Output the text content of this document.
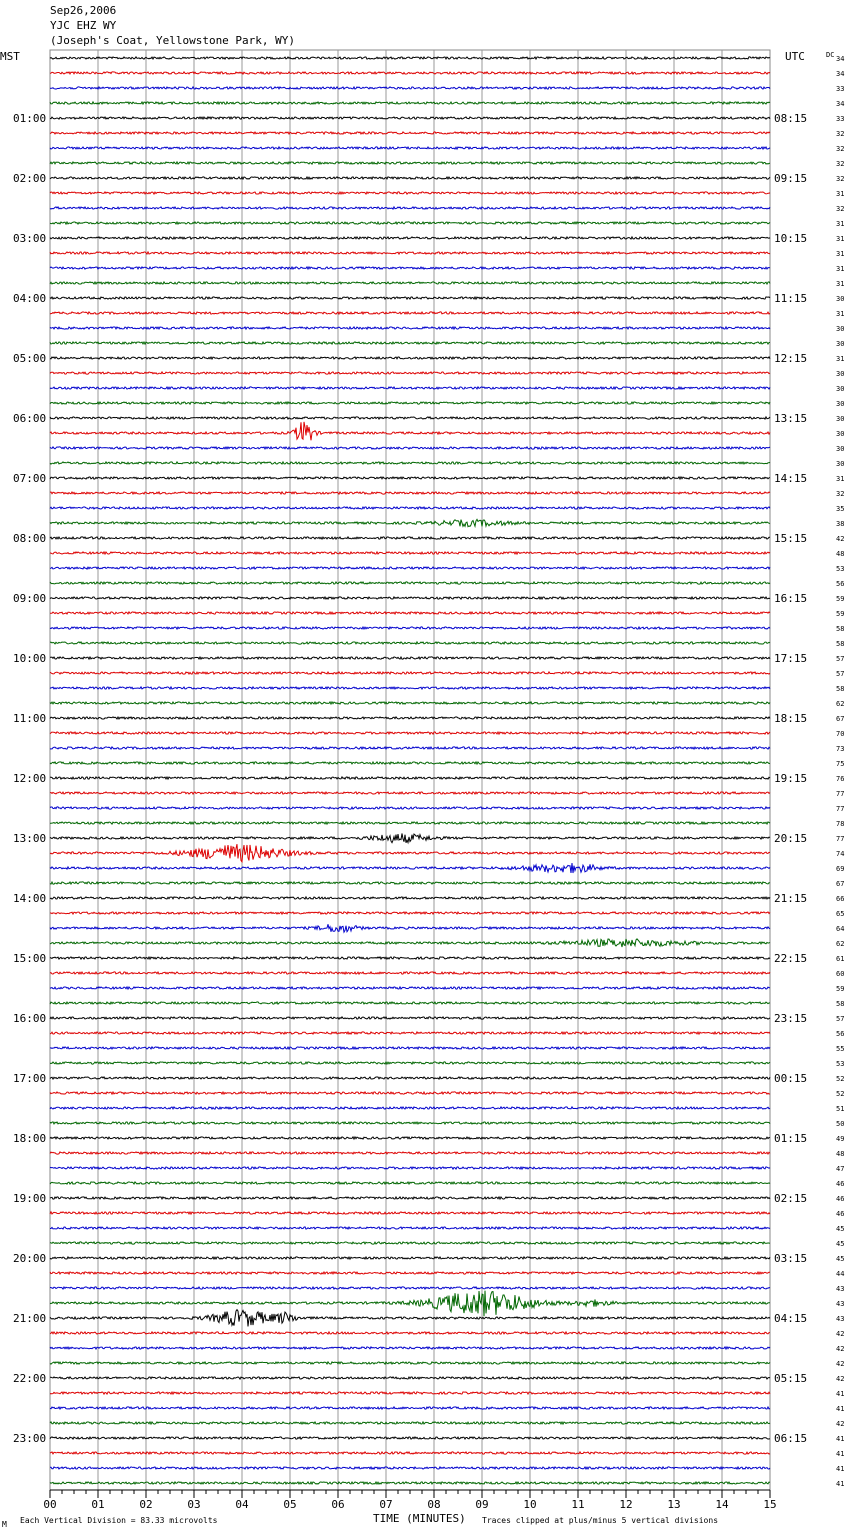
Sep26,2006
YJC EHZ WY
(Joseph's Coat, Yellowstone Park, WY)
34
34
33
34
33
32
32
32
32
31
32
31
31
31
31
31
30
31
30
30
31
30
30
30
30
30
30
30
31
32
35
38
42
48
53
56
59
59
58
58
57
57
58
62
67
70
73
75
76
77
77
78
77
74
69
67
66
65
64
62
61
60
59
58
57
56
55
53
52
52
51
50
49
48
47
46
46
46
45
45
45
44
43
43
43
42
42
42
42
41
41
42
41
41
41
41
01:00	08:15
02:00	09:15
03:00	10:15
04:00	11:15
05:00	12:15
06:00	13:15
07:00	14:15
08:00	15:15
09:00	16:15
10:00	17:15
11:00	18:15
12:00	19:15
13:00	20:15
14:00	21:15
15:00	22:15
16:00	23:15
17:00	00:15
18:00	01:15
19:00	02:15
20:00	03:15
21:00	04:15
22:00	05:15
23:00	06:15
00	01	02	03	04	05	06	07	08	09	10	11	12	13	14	15
MST	UTC	DC
TIME (MINUTES)
Each Vertical Division = 83.33 microvolts	Traces clipped at plus/minus 5 vertical divisions
M
